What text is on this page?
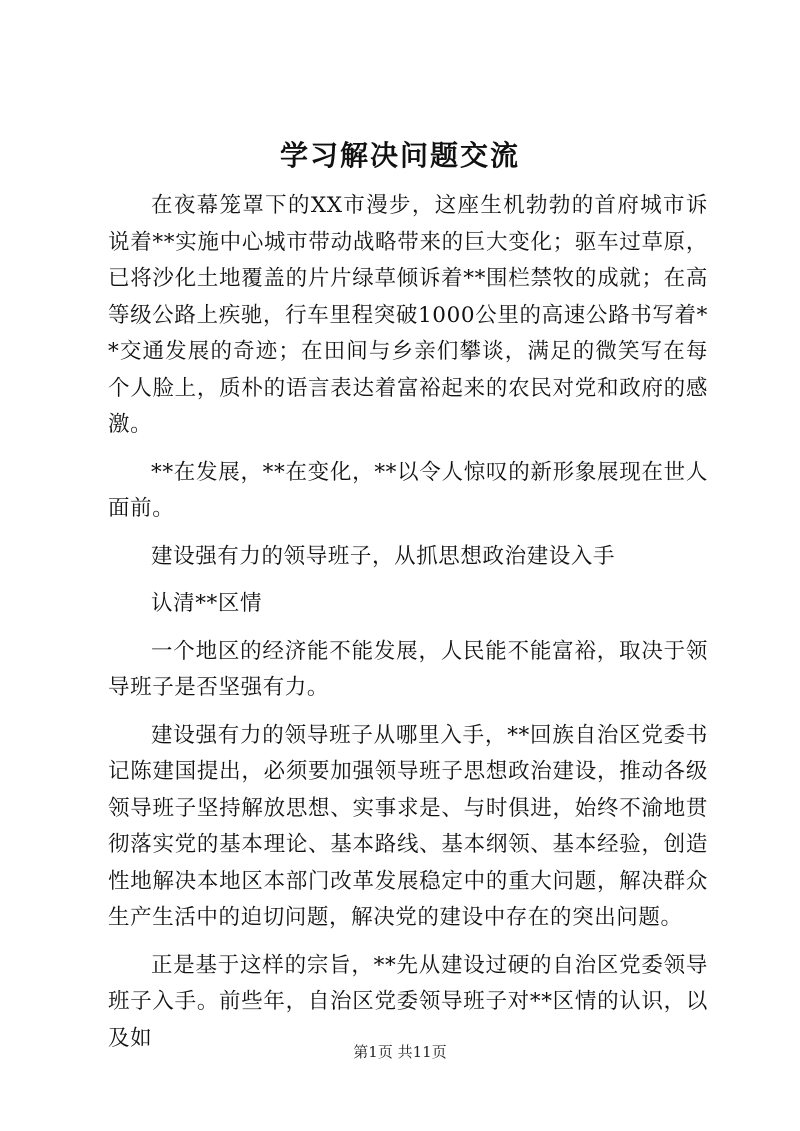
学习解决问题交流

在夜幕笼罩下的XX市漫步，这座生机勃勃的首府城市诉说着**实施中心城市带动战略带来的巨大变化；驱车过草原，已将沙化土地覆盖的片片绿草倾诉着**围栏禁牧的成就；在高等级公路上疾驰，行车里程突破1000公里的高速公路书写着**交通发展的奇迹；在田间与乡亲们攀谈，满足的微笑写在每个人脸上，质朴的语言表达着富裕起来的农民对党和政府的感激。

**在发展，**在变化，**以令人惊叹的新形象展现在世人面前。

建设强有力的领导班子，从抓思想政治建设入手

认清**区情

一个地区的经济能不能发展，人民能不能富裕，取决于领导班子是否坚强有力。

建设强有力的领导班子从哪里入手，**回族自治区党委书记陈建国提出，必须要加强领导班子思想政治建设，推动各级领导班子坚持解放思想、实事求是、与时俱进，始终不渝地贯彻落实党的基本理论、基本路线、基本纲领、基本经验，创造性地解决本地区本部门改革发展稳定中的重大问题，解决群众生产生活中的迫切问题，解决党的建设中存在的突出问题。

正是基于这样的宗旨，**先从建设过硬的自治区党委领导班子入手。前些年，自治区党委领导班子对**区情的认识，以及如

第1页 共11页
